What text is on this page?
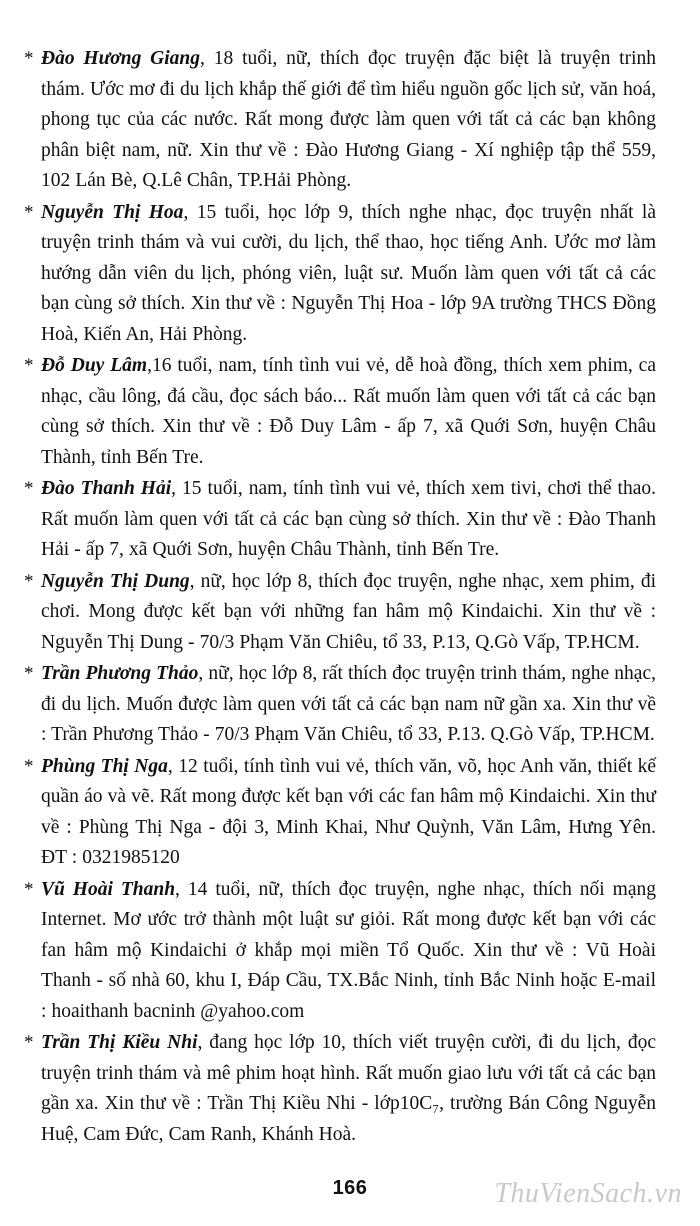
* Đào Hương Giang, 18 tuổi, nữ, thích đọc truyện đặc biệt là truyện trinh thám. Ước mơ đi du lịch khắp thế giới để tìm hiểu nguồn gốc lịch sử, văn hoá, phong tục của các nước. Rất mong được làm quen với tất cả các bạn không phân biệt nam, nữ. Xin thư về : Đào Hương Giang - Xí nghiệp tập thể 559, 102 Lán Bè, Q.Lê Chân, TP.Hải Phòng.
* Nguyễn Thị Hoa, 15 tuổi, học lớp 9, thích nghe nhạc, đọc truyện nhất là truyện trinh thám và vui cười, du lịch, thể thao, học tiếng Anh. Ước mơ làm hướng dẫn viên du lịch, phóng viên, luật sư. Muốn làm quen với tất cả các bạn cùng sở thích. Xin thư về : Nguyễn Thị Hoa - lớp 9A trường THCS Đồng Hoà, Kiến An, Hải Phòng.
* Đỗ Duy Lâm,16 tuổi, nam, tính tình vui vẻ, dễ hoà đồng, thích xem phim, ca nhạc, cầu lông, đá cầu, đọc sách báo... Rất muốn làm quen với tất cả các bạn cùng sở thích. Xin thư về : Đỗ Duy Lâm - ấp 7, xã Quới Sơn, huyện Châu Thành, tỉnh Bến Tre.
* Đào Thanh Hải, 15 tuổi, nam, tính tình vui vẻ, thích xem tivi, chơi thể thao. Rất muốn làm quen với tất cả các bạn cùng sở thích. Xin thư về : Đào Thanh Hải - ấp 7, xã Quới Sơn, huyện Châu Thành, tỉnh Bến Tre.
* Nguyễn Thị Dung, nữ, học lớp 8, thích đọc truyện, nghe nhạc, xem phim, đi chơi. Mong được kết bạn với những fan hâm mộ Kindaichi. Xin thư về : Nguyễn Thị Dung - 70/3 Phạm Văn Chiêu, tổ 33, P.13, Q.Gò Vấp, TP.HCM.
* Trần Phương Thảo, nữ, học lớp 8, rất thích đọc truyện trinh thám, nghe nhạc, đi du lịch. Muốn được làm quen với tất cả các bạn nam nữ gần xa. Xin thư về : Trần Phương Thảo - 70/3 Phạm Văn Chiêu, tổ 33, P.13. Q.Gò Vấp, TP.HCM.
* Phùng Thị Nga, 12 tuổi, tính tình vui vẻ, thích văn, võ, học Anh văn, thiết kế quần áo và vẽ. Rất mong được kết bạn với các fan hâm mộ Kindaichi. Xin thư về : Phùng Thị Nga - đội 3, Minh Khai, Như Quỳnh, Văn Lâm, Hưng Yên. ĐT : 0321985120
* Vũ Hoài Thanh, 14 tuổi, nữ, thích đọc truyện, nghe nhạc, thích nối mạng Internet. Mơ ước trở thành một luật sư giỏi. Rất mong được kết bạn với các fan hâm mộ Kindaichi ở khắp mọi miền Tổ Quốc. Xin thư về : Vũ Hoài Thanh - số nhà 60, khu I, Đáp Cầu, TX.Bắc Ninh, tỉnh Bắc Ninh hoặc E-mail : hoaithanh bacninh @yahoo.com
* Trần Thị Kiều Nhi, đang học lớp 10, thích viết truyện cười, đi du lịch, đọc truyện trinh thám và mê phim hoạt hình. Rất muốn giao lưu với tất cả các bạn gần xa. Xin thư về : Trần Thị Kiều Nhi - lớp10C₇, trường Bán Công Nguyễn Huệ, Cam Đức, Cam Ranh, Khánh Hoà.
166	ThuVienSach.vn
